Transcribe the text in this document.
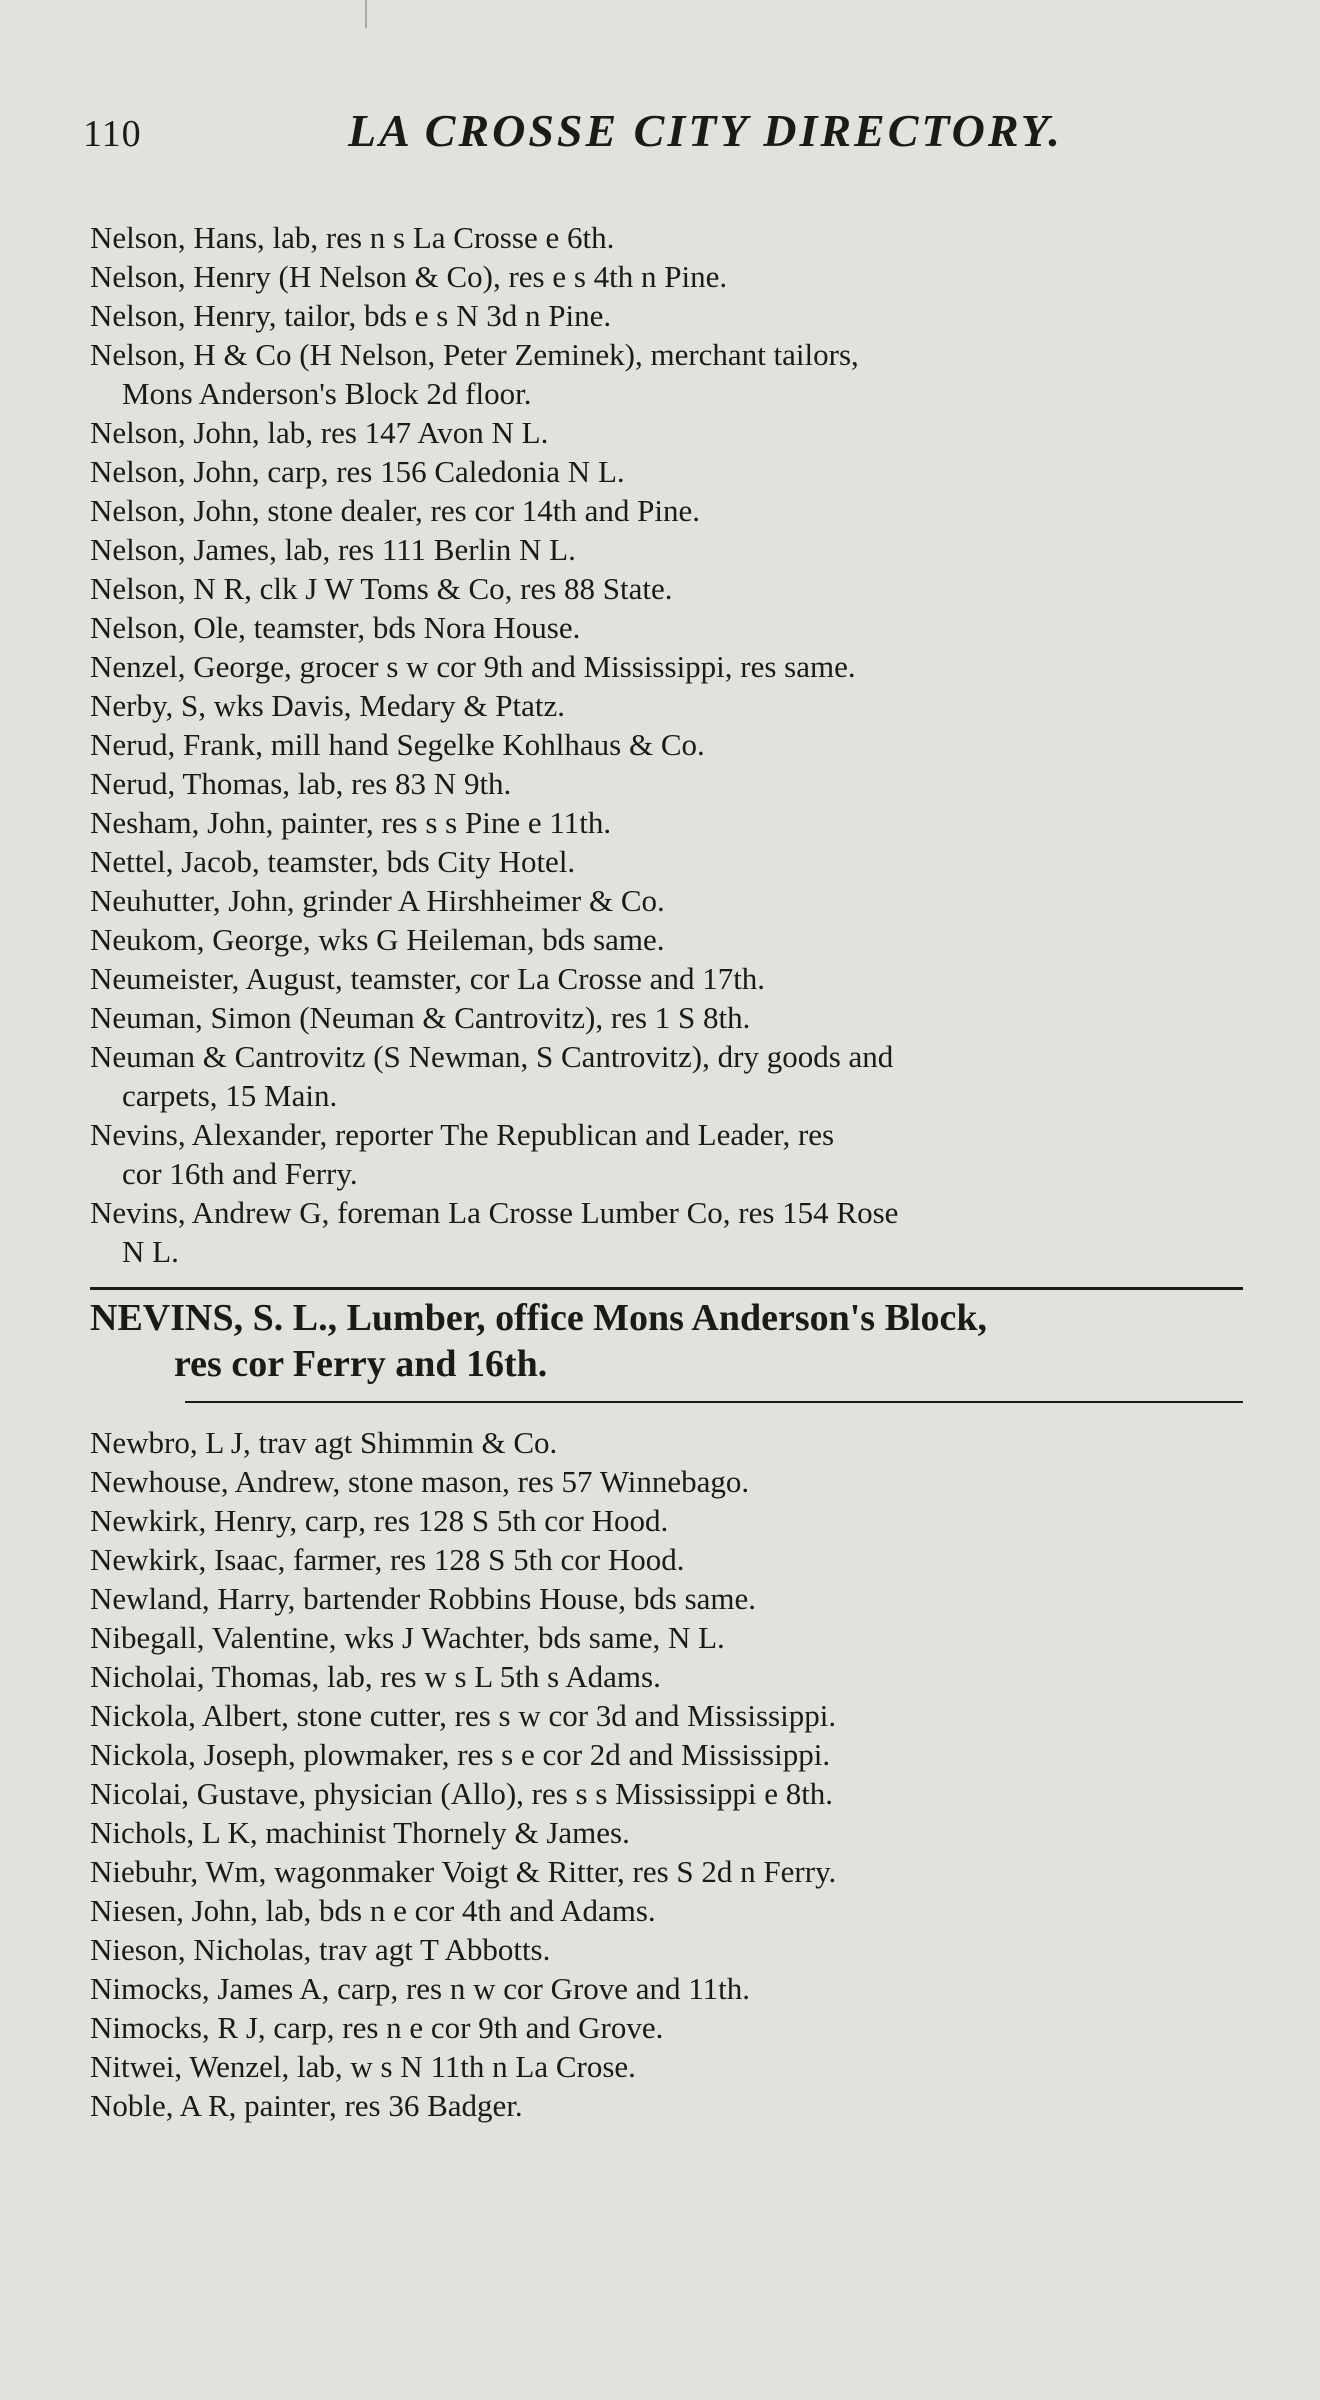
110	LA CROSSE CITY DIRECTORY.
Nelson, Hans, lab, res n s La Crosse e 6th.
Nelson, Henry (H Nelson & Co), res e s 4th n Pine.
Nelson, Henry, tailor, bds e s N 3d n Pine.
Nelson, H & Co (H Nelson, Peter Zeminek), merchant tailors,
Mons Anderson's Block 2d floor.
Nelson, John, lab, res 147 Avon N L.
Nelson, John, carp, res 156 Caledonia N L.
Nelson, John, stone dealer, res cor 14th and Pine.
Nelson, James, lab, res 111 Berlin N L.
Nelson, N R, clk J W Toms & Co, res 88 State.
Nelson, Ole, teamster, bds Nora House.
Nenzel, George, grocer s w cor 9th and Mississippi, res same.
Nerby, S, wks Davis, Medary & Ptatz.
Nerud, Frank, mill hand Segelke Kohlhaus & Co.
Nerud, Thomas, lab, res 83 N 9th.
Nesham, John, painter, res s s Pine e 11th.
Nettel, Jacob, teamster, bds City Hotel.
Neuhutter, John, grinder A Hirshheimer & Co.
Neukom, George, wks G Heileman, bds same.
Neumeister, August, teamster, cor La Crosse and 17th.
Neuman, Simon (Neuman & Cantrovitz), res 1 S 8th.
Neuman & Cantrovitz (S Newman, S Cantrovitz), dry goods and
carpets, 15 Main.
Nevins, Alexander, reporter The Republican and Leader, res
cor 16th and Ferry.
Nevins, Andrew G, foreman La Crosse Lumber Co, res 154 Rose
N L.
NEVINS, S. L., Lumber, office Mons Anderson's Block,
res cor Ferry and 16th.
Newbro, L J, trav agt Shimmin & Co.
Newhouse, Andrew, stone mason, res 57 Winnebago.
Newkirk, Henry, carp, res 128 S 5th cor Hood.
Newkirk, Isaac, farmer, res 128 S 5th cor Hood.
Newland, Harry, bartender Robbins House, bds same.
Nibegall, Valentine, wks J Wachter, bds same, N L.
Nicholai, Thomas, lab, res w s L 5th s Adams.
Nickola, Albert, stone cutter, res s w cor 3d and Mississippi.
Nickola, Joseph, plowmaker, res s e cor 2d and Mississippi.
Nicolai, Gustave, physician (Allo), res s s Mississippi e 8th.
Nichols, L K, machinist Thornely & James.
Niebuhr, Wm, wagonmaker Voigt & Ritter, res S 2d n Ferry.
Niesen, John, lab, bds n e cor 4th and Adams.
Nieson, Nicholas, trav agt T Abbotts.
Nimocks, James A, carp, res n w cor Grove and 11th.
Nimocks, R J, carp, res n e cor 9th and Grove.
Nitwei, Wenzel, lab, w s N 11th n La Crose.
Noble, A R, painter, res 36 Badger.
